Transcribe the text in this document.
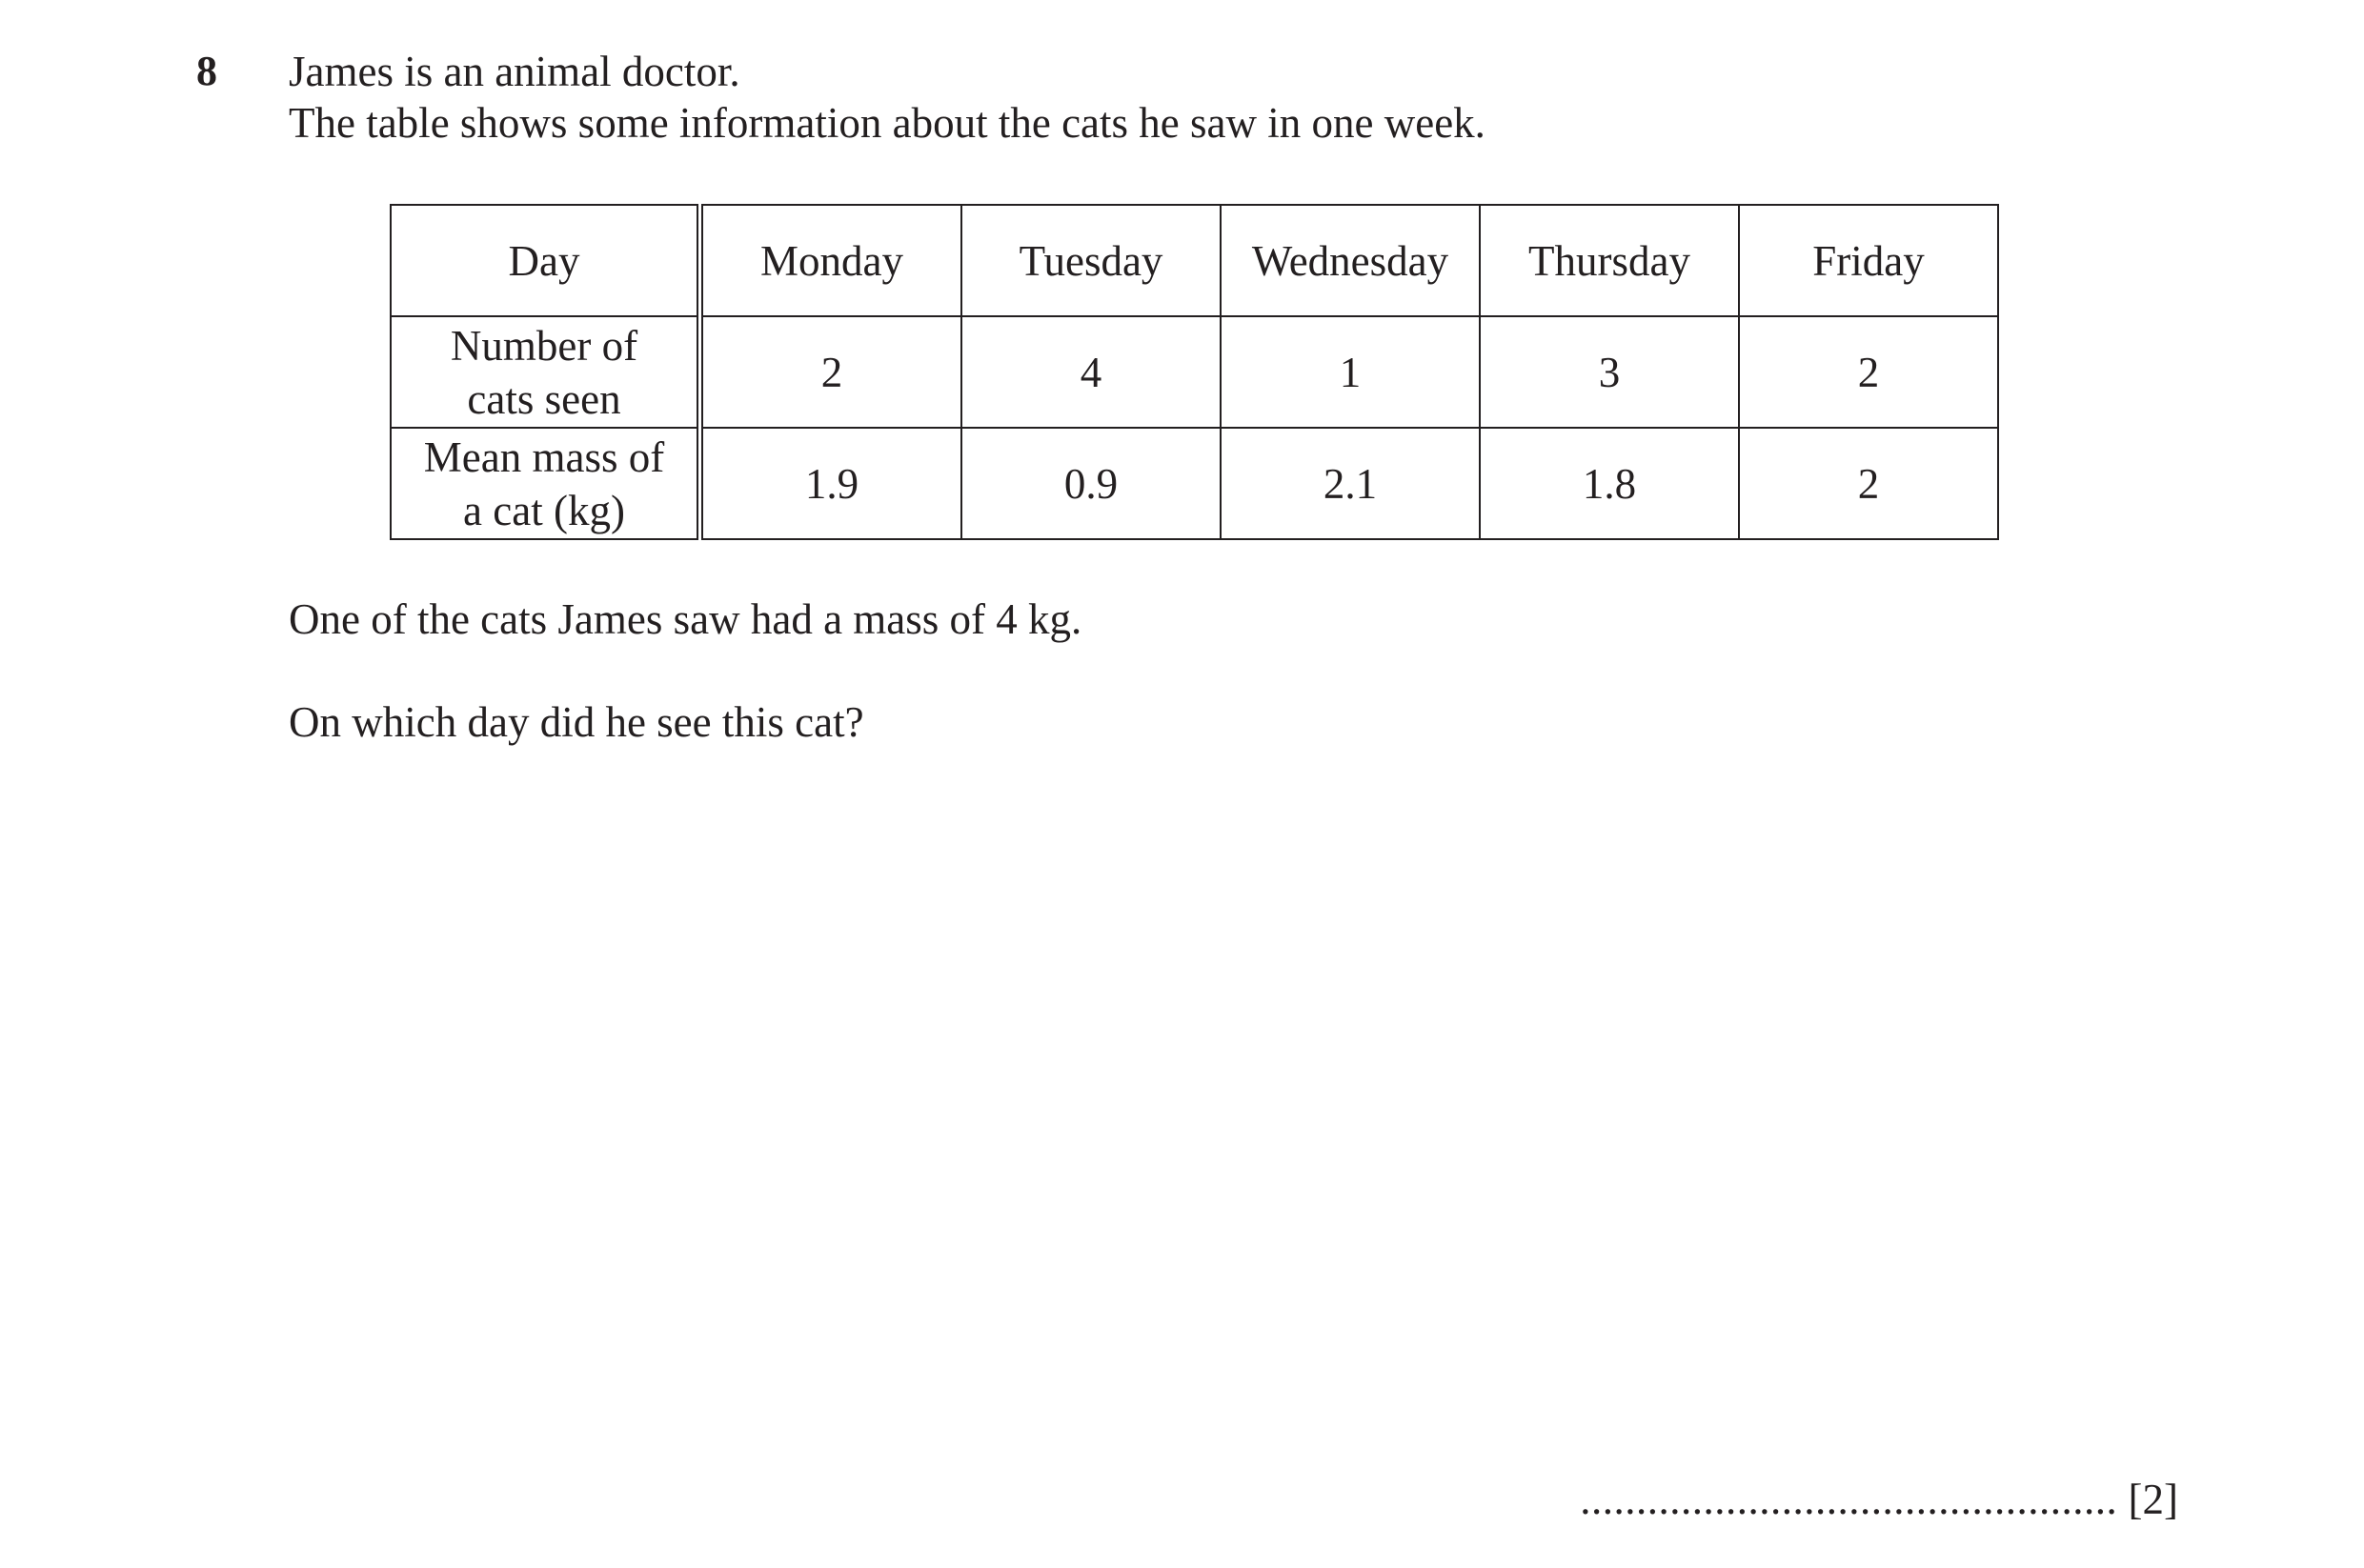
8 James is an animal doctor.
The table shows some information about the cats he saw in one week.
Day	Monday	Tuesday	Wednesday	Thursday	Friday
Number of
cats seen	2	4	1	3	2
Mean mass of
a cat (kg)	1.9	0.9	2.1	1.8	2
One of the cats James saw had a mass of 4 kg.
On which day did he see this cat?
................................................ [2]
